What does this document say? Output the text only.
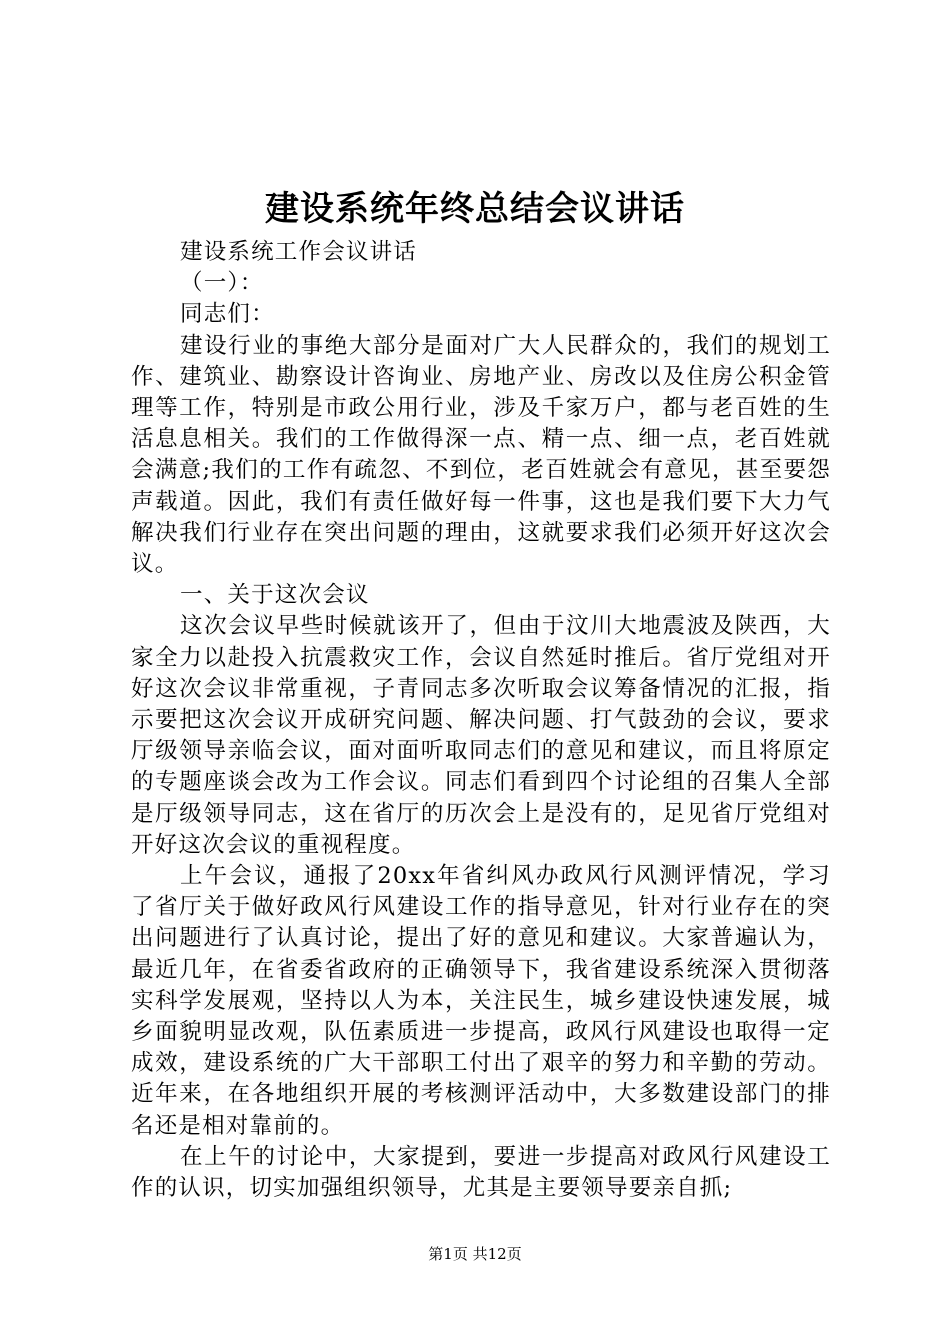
建设系统年终总结会议讲话

建设系统工作会议讲话

（一）：

同志们：

建设行业的事绝大部分是面对广大人民群众的，我们的规划工作、建筑业、勘察设计咨询业、房地产业、房改以及住房公积金管理等工作，特别是市政公用行业，涉及千家万户，都与老百姓的生活息息相关。我们的工作做得深一点、精一点、细一点，老百姓就会满意;我们的工作有疏忽、不到位，老百姓就会有意见，甚至要怨声载道。因此，我们有责任做好每一件事，这也是我们要下大力气解决我们行业存在突出问题的理由，这就要求我们必须开好这次会议。

一、关于这次会议

这次会议早些时候就该开了，但由于汶川大地震波及陕西，大家全力以赴投入抗震救灾工作，会议自然延时推后。省厅党组对开好这次会议非常重视，子青同志多次听取会议筹备情况的汇报，指示要把这次会议开成研究问题、解决问题、打气鼓劲的会议，要求厅级领导亲临会议，面对面听取同志们的意见和建议，而且将原定的专题座谈会改为工作会议。同志们看到四个讨论组的召集人全部是厅级领导同志，这在省厅的历次会上是没有的，足见省厅党组对开好这次会议的重视程度。

上午会议，通报了20xx年省纠风办政风行风测评情况，学习了省厅关于做好政风行风建设工作的指导意见，针对行业存在的突出问题进行了认真讨论，提出了好的意见和建议。大家普遍认为，最近几年，在省委省政府的正确领导下，我省建设系统深入贯彻落实科学发展观，坚持以人为本，关注民生，城乡建设快速发展，城乡面貌明显改观，队伍素质进一步提高，政风行风建设也取得一定成效，建设系统的广大干部职工付出了艰辛的努力和辛勤的劳动。近年来，在各地组织开展的考核测评活动中，大多数建设部门的排名还是相对靠前的。

在上午的讨论中，大家提到，要进一步提高对政风行风建设工作的认识，切实加强组织领导，尤其是主要领导要亲自抓;

第1页 共12页
